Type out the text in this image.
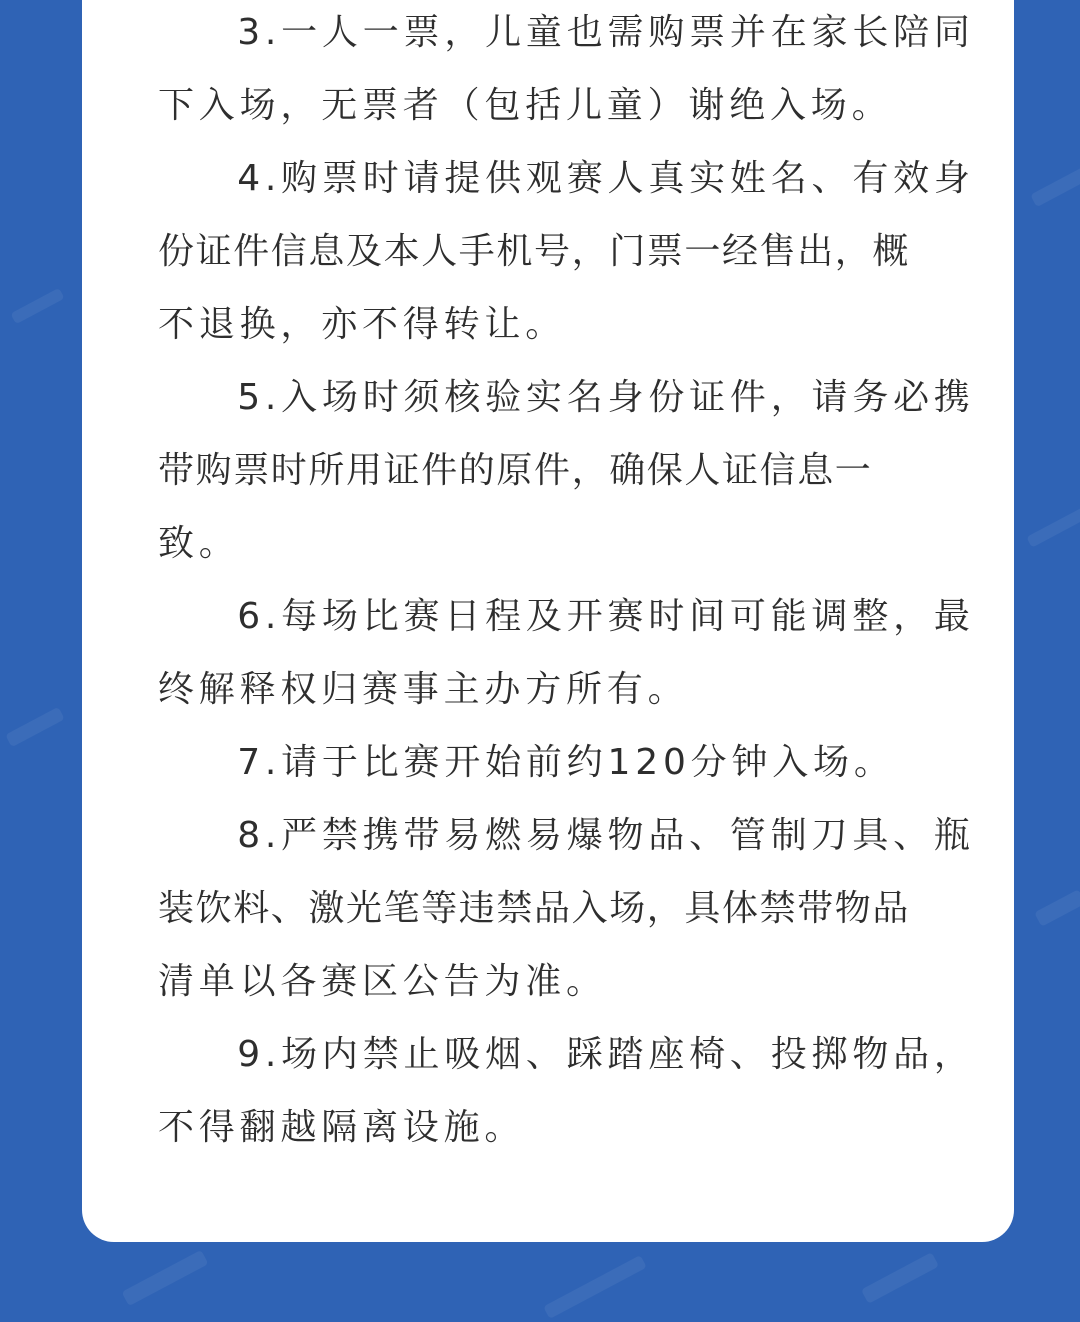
3.一人一票，儿童也需购票并在家长陪同
下入场，无票者（包括儿童）谢绝入场。

4.购票时请提供观赛人真实姓名、有效身
份证件信息及本人手机号，门票一经售出，概
不退换，亦不得转让。

5.入场时须核验实名身份证件，请务必携
带购票时所用证件的原件，确保人证信息一
致。

6.每场比赛日程及开赛时间可能调整，最
终解释权归赛事主办方所有。

7.请于比赛开始前约120分钟入场。

8.严禁携带易燃易爆物品、管制刀具、瓶
装饮料、激光笔等违禁品入场，具体禁带物品
清单以各赛区公告为准。

9.场内禁止吸烟、踩踏座椅、投掷物品，
不得翻越隔离设施。
